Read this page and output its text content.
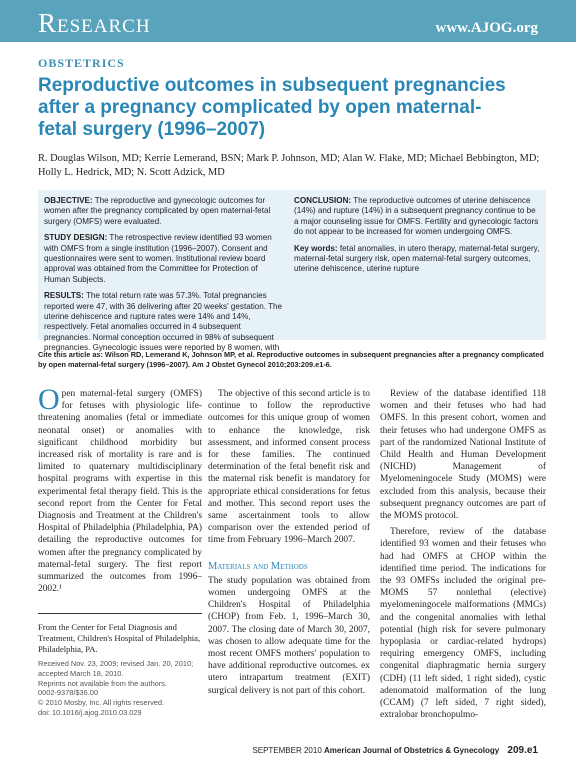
Research	www.AJOG.org
OBSTETRICS
Reproductive outcomes in subsequent pregnancies after a pregnancy complicated by open maternal-fetal surgery (1996–2007)
R. Douglas Wilson, MD; Kerrie Lemerand, BSN; Mark P. Johnson, MD; Alan W. Flake, MD; Michael Bebbington, MD; Holly L. Hedrick, MD; N. Scott Adzick, MD

OBJECTIVE: The reproductive and gynecologic outcomes for women after the pregnancy complicated by open maternal-fetal surgery (OMFS) were evaluated.

STUDY DESIGN: The retrospective review identified 93 women with OMFS from a single institution (1996–2007). Consent and questionnaires were sent to women. Institutional review board approval was obtained from the Committee for Protection of Human Subjects.

RESULTS: The total return rate was 57.3%. Total pregnancies reported were 47, with 36 delivering after 20 weeks' gestation. The uterine dehiscence and rupture rates were 14% and 14%, respectively. Fetal anomalies occurred in 4 subsequent pregnancies. Normal conception occurred in 98% of subsequent pregnancies. Gynecologic issues were reported by 8 women, with

CONCLUSION: The reproductive outcomes of uterine dehiscence (14%) and rupture (14%) in a subsequent pregnancy continue to be a major counseling issue for OMFS. Fertility and gynecologic factors do not appear to be increased for women undergoing OMFS.

Key words: fetal anomalies, in utero therapy, maternal-fetal surgery, maternal-fetal surgery risk, open maternal-fetal surgery outcomes, uterine dehiscence, uterine rupture

Cite this article as: Wilson RD, Lemerand K, Johnson MP, et al. Reproductive outcomes in subsequent pregnancies after a pregnancy complicated by open maternal-fetal surgery (1996–2007). Am J Obstet Gynecol 2010;203:209.e1-6.

Open maternal-fetal surgery (OMFS) for fetuses with physiologic life-threatening anomalies (fetal or immediate neonatal onset) or anomalies with significant childhood morbidity but increased risk of mortality is rare and is limited to quaternary multidisciplinary hospital programs with expertise in this experimental fetal therapy field. This is the second report from the Center for Fetal Diagnosis and Treatment at the Children's Hospital of Philadelphia (Philadelphia, PA) detailing the reproductive outcomes for women after the pregnancy complicated by maternal-fetal surgery. The first report summarized the outcomes from 1996–2002.¹

From the Center for Fetal Diagnosis and Treatment, Children's Hospital of Philadelphia, Philadelphia, PA.

Received Nov. 23, 2009; revised Jan. 20, 2010; accepted March 18, 2010.

Reprints not available from the authors.

0002-9378/$36.00

© 2010 Mosby, Inc. All rights reserved.

doi: 10.1016/j.ajog.2010.03.029

The objective of this second article is to continue to follow the reproductive outcomes for this unique group of women to enhance the knowledge, risk assessment, and informed consent process for these families. The continued determination of the fetal benefit risk and the maternal risk benefit is mandatory for appropriate ethical considerations for fetus and mother. This second report uses the same ascertainment tools to allow comparison over the extended period of time from February 1996–March 2007.

Materials and Methods

The study population was obtained from women undergoing OMFS at the Children's Hospital of Philadelphia (CHOP) from Feb. 1, 1996–March 30, 2007. The closing date of March 30, 2007, was chosen to allow adequate time for the most recent OMFS mothers' population to have additional reproductive outcomes. ex utero intrapartum treatment (EXIT) surgical delivery is not part of this cohort.

Review of the database identified 118 women and their fetuses who had had OMFS. In this present cohort, women and their fetuses who had undergone OMFS as part of the randomized National Institute of Child Health and Human Development (NICHD) Management of Myelomeningocele Study (MOMS) were excluded from this analysis, because their subsequent pregnancy outcomes are part of the MOMS protocol.

Therefore, review of the database identified 93 women and their fetuses who had had OMFS at CHOP within the identified time period. The indications for the 93 OMFSs included the original pre-MOMS 57 nonlethal (elective) myelomeningocele malformations (MMCs) and the congenital anomalies with lethal potential (high risk for severe pulmonary hypoplasia or cardiac-related hydrops) requiring emergency OMFS, including congenital diaphragmatic hernia surgery (CDH) (11 left sided, 1 right sided), cystic adenomatoid malformation of the lung (CCAM) (7 left sided, 7 right sided), extralobar bronchopulmo-

SEPTEMBER 2010 American Journal of Obstetrics & Gynecology 209.e1
